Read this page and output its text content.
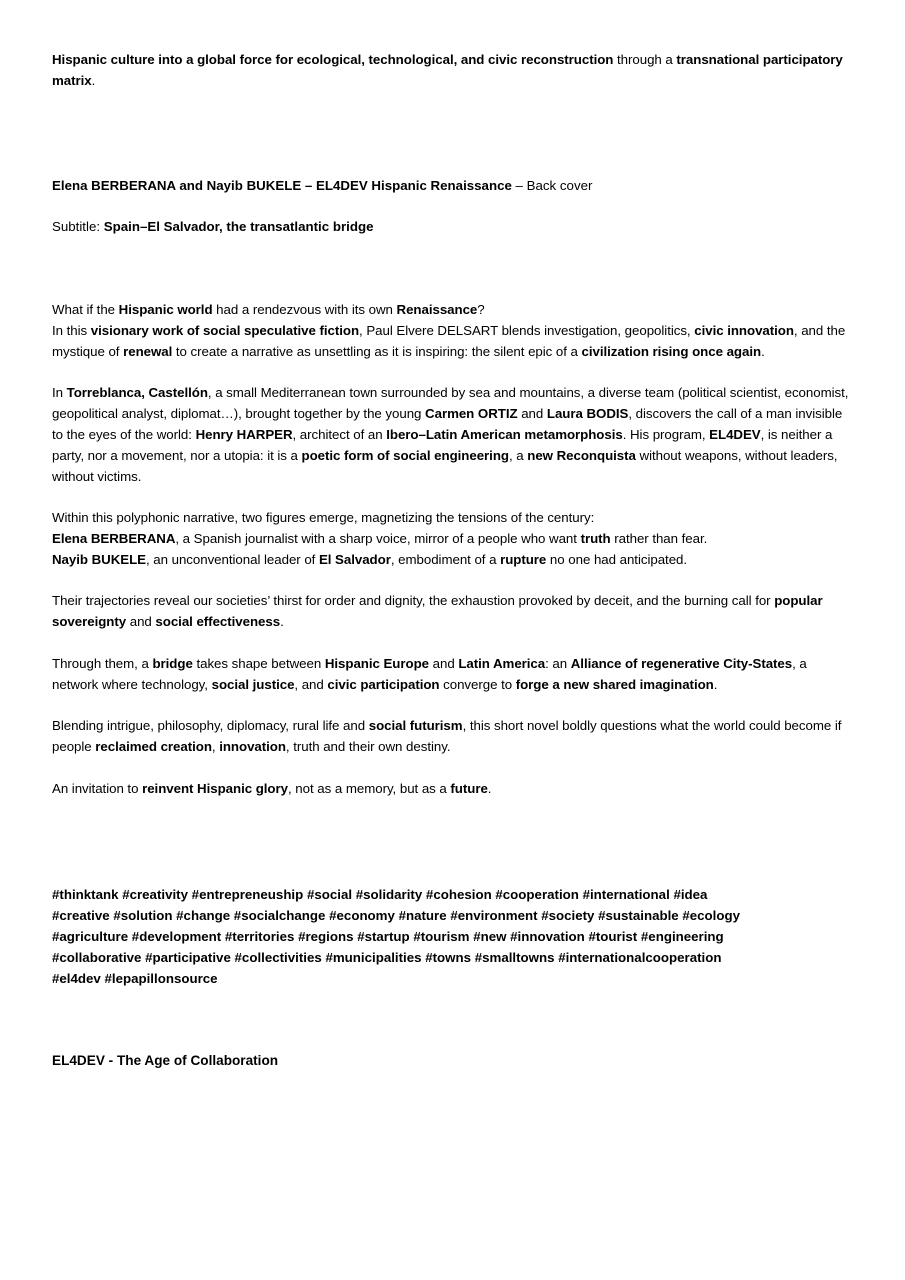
Hispanic culture into a global force for ecological, technological, and civic reconstruction through a transnational participatory matrix.

Elena BERBERANA and Nayib BUKELE – EL4DEV Hispanic Renaissance – Back cover

Subtitle: Spain–El Salvador, the transatlantic bridge

What if the Hispanic world had a rendezvous with its own Renaissance?
In this visionary work of social speculative fiction, Paul Elvere DELSART blends investigation, geopolitics, civic innovation, and the mystique of renewal to create a narrative as unsettling as it is inspiring: the silent epic of a civilization rising once again.

In Torreblanca, Castellón, a small Mediterranean town surrounded by sea and mountains, a diverse team (political scientist, economist, geopolitical analyst, diplomat…), brought together by the young Carmen ORTIZ and Laura BODIS, discovers the call of a man invisible to the eyes of the world: Henry HARPER, architect of an Ibero–Latin American metamorphosis. His program, EL4DEV, is neither a party, nor a movement, nor a utopia: it is a poetic form of social engineering, a new Reconquista without weapons, without leaders, without victims.

Within this polyphonic narrative, two figures emerge, magnetizing the tensions of the century:
Elena BERBERANA, a Spanish journalist with a sharp voice, mirror of a people who want truth rather than fear.
Nayib BUKELE, an unconventional leader of El Salvador, embodiment of a rupture no one had anticipated.

Their trajectories reveal our societies’ thirst for order and dignity, the exhaustion provoked by deceit, and the burning call for popular sovereignty and social effectiveness.

Through them, a bridge takes shape between Hispanic Europe and Latin America: an Alliance of regenerative City-States, a network where technology, social justice, and civic participation converge to forge a new shared imagination.

Blending intrigue, philosophy, diplomacy, rural life and social futurism, this short novel boldly questions what the world could become if people reclaimed creation, innovation, truth and their own destiny.

An invitation to reinvent Hispanic glory, not as a memory, but as a future.

#thinktank #creativity #entrepreneuship #social #solidarity #cohesion #cooperation #international #idea
#creative #solution #change #socialchange #economy #nature #environment #society #sustainable #ecology
#agriculture #development #territories #regions #startup #tourism #new #innovation #tourist #engineering
#collaborative #participative #collectivities #municipalities #towns #smalltowns #internationalcooperation
#el4dev #lepapillonsource

EL4DEV - The Age of Collaboration
